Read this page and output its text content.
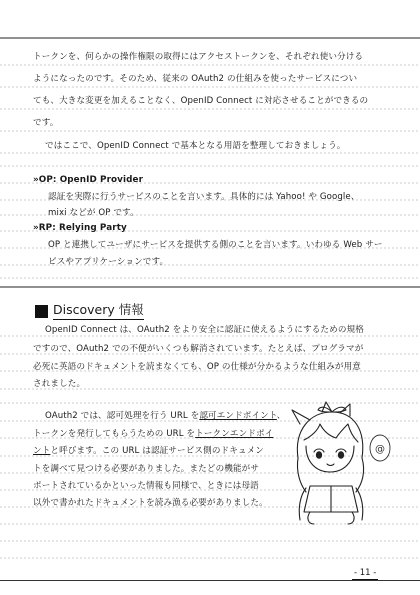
トークンを、何らかの操作権限の取得にはアクセストークンを、それぞれ使い分ける
ようになったのです。そのため、従来の OAuth2 の仕組みを使ったサービスについ
ても、大きな変更を加えることなく、OpenID Connect に対応させることができるの
です。
ではここで、OpenID Connect で基本となる用語を整理しておきましょう。
»OP: OpenID Provider
認証を実際に行うサービスのことを言います。具体的には Yahoo! や Google、
mixi などが OP です。
»RP: Relying Party
OP と連携してユーザにサービスを提供する側のことを言います。いわゆる Web サー
ビスやアプリケーションです。
Discovery 情報
OpenID Connect は、OAuth2 をより安全に認証に使えるようにするための規格
ですので、OAuth2 での不便がいくつも解消されています。たとえば、プログラマが
必死に英語のドキュメントを読まなくても、OP の仕様が分かるような仕組みが用意
されました。
OAuth2 では、認可処理を行う URL を認可エンドポイント、
トークンを発行してもらうための URL をトークンエンドポイ
ントと呼びます。この URL は認証サービス側のドキュメン
トを調べて見つける必要がありました。またどの機能がサ
ポートされているかといった情報も同様で、ときには母語
以外で書かれたドキュメントを読み漁る必要がありました。
@
- 11 -
